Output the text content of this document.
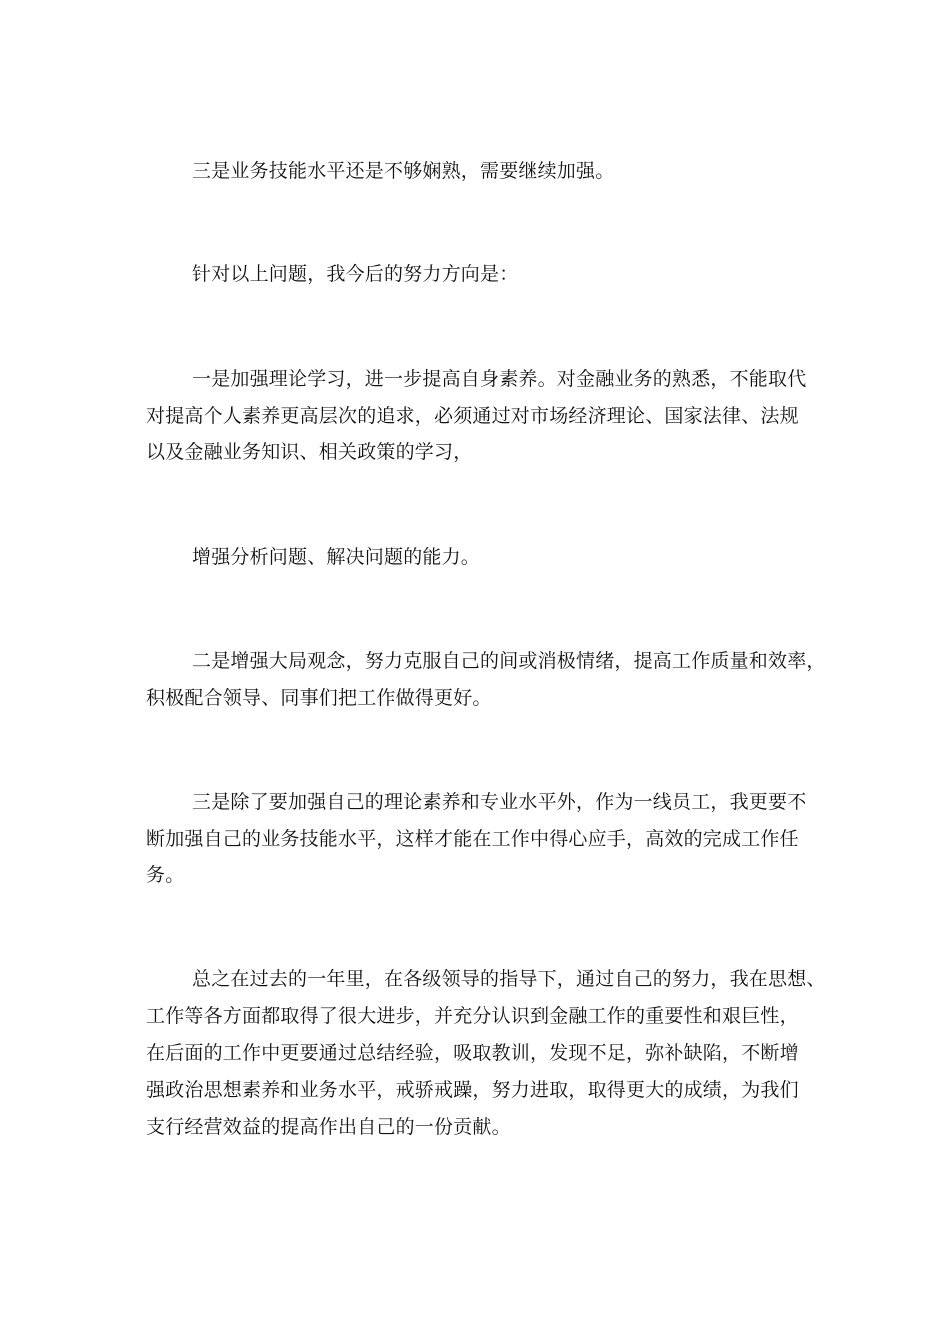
三是业务技能水平还是不够娴熟，需要继续加强。
针对以上问题，我今后的努力方向是：
一是加强理论学习，进一步提高自身素养。对金融业务的熟悉，不能取代
对提高个人素养更高层次的追求，必须通过对市场经济理论、国家法律、法规
以及金融业务知识、相关政策的学习，
增强分析问题、解决问题的能力。
二是增强大局观念，努力克服自己的间或消极情绪，提高工作质量和效率，
积极配合领导、同事们把工作做得更好。
三是除了要加强自己的理论素养和专业水平外，作为一线员工，我更要不
断加强自己的业务技能水平，这样才能在工作中得心应手，高效的完成工作任
务。
总之在过去的一年里，在各级领导的指导下，通过自己的努力，我在思想、
工作等各方面都取得了很大进步，并充分认识到金融工作的重要性和艰巨性，
在后面的工作中更要通过总结经验，吸取教训，发现不足，弥补缺陷，不断增
强政治思想素养和业务水平，戒骄戒躁，努力进取，取得更大的成绩，为我们
支行经营效益的提高作出自己的一份贡献。
